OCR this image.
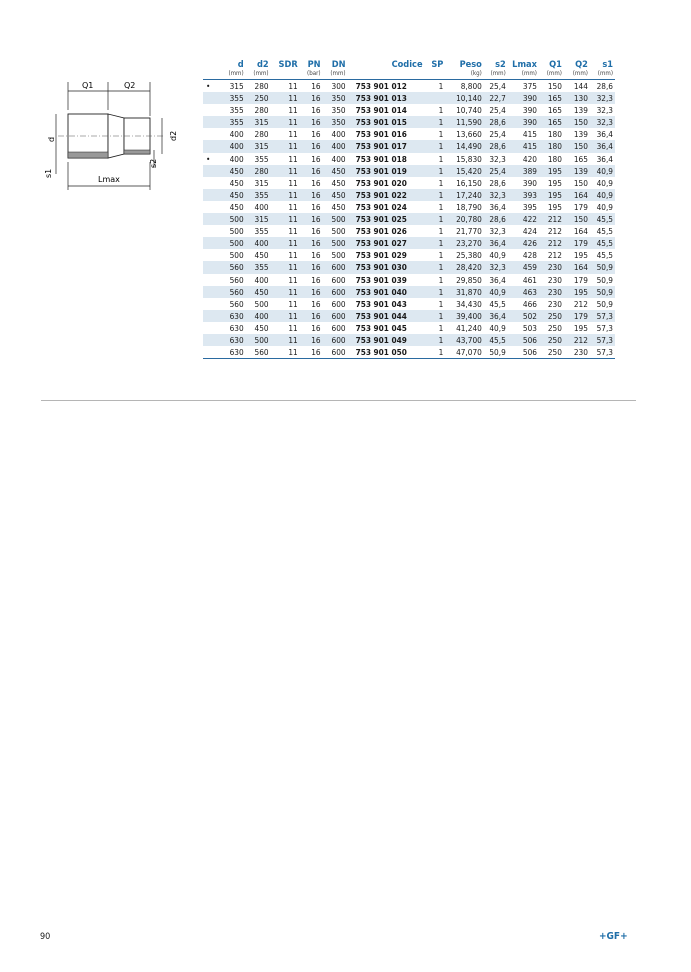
Q1	Q2
d	d2
s1
s2
Lmax
	d	d2	SDR	PN	DN	Codice	SP	Peso	s2	Lmax	Q1	Q2	s1
	(mm)	(mm)		(bar)	(mm)			(kg)	(mm)	(mm)	(mm)	(mm)	(mm)
•	315	280	11	16	300	753 901 012	1	8,800	25,4	375	150	144	28,6
	355	250	11	16	350	753 901 013		10,140	22,7	390	165	130	32,3
	355	280	11	16	350	753 901 014	1	10,740	25,4	390	165	139	32,3
	355	315	11	16	350	753 901 015	1	11,590	28,6	390	165	150	32,3
	400	280	11	16	400	753 901 016	1	13,660	25,4	415	180	139	36,4
	400	315	11	16	400	753 901 017	1	14,490	28,6	415	180	150	36,4
•	400	355	11	16	400	753 901 018	1	15,830	32,3	420	180	165	36,4
	450	280	11	16	450	753 901 019	1	15,420	25,4	389	195	139	40,9
	450	315	11	16	450	753 901 020	1	16,150	28,6	390	195	150	40,9
	450	355	11	16	450	753 901 022	1	17,240	32,3	393	195	164	40,9
	450	400	11	16	450	753 901 024	1	18,790	36,4	395	195	179	40,9
	500	315	11	16	500	753 901 025	1	20,780	28,6	422	212	150	45,5
	500	355	11	16	500	753 901 026	1	21,770	32,3	424	212	164	45,5
	500	400	11	16	500	753 901 027	1	23,270	36,4	426	212	179	45,5
	500	450	11	16	500	753 901 029	1	25,380	40,9	428	212	195	45,5
	560	355	11	16	600	753 901 030	1	28,420	32,3	459	230	164	50,9
	560	400	11	16	600	753 901 039	1	29,850	36,4	461	230	179	50,9
	560	450	11	16	600	753 901 040	1	31,870	40,9	463	230	195	50,9
	560	500	11	16	600	753 901 043	1	34,430	45,5	466	230	212	50,9
	630	400	11	16	600	753 901 044	1	39,400	36,4	502	250	179	57,3
	630	450	11	16	600	753 901 045	1	41,240	40,9	503	250	195	57,3
	630	500	11	16	600	753 901 049	1	43,700	45,5	506	250	212	57,3
	630	560	11	16	600	753 901 050	1	47,070	50,9	506	250	230	57,3
90	+GF+
